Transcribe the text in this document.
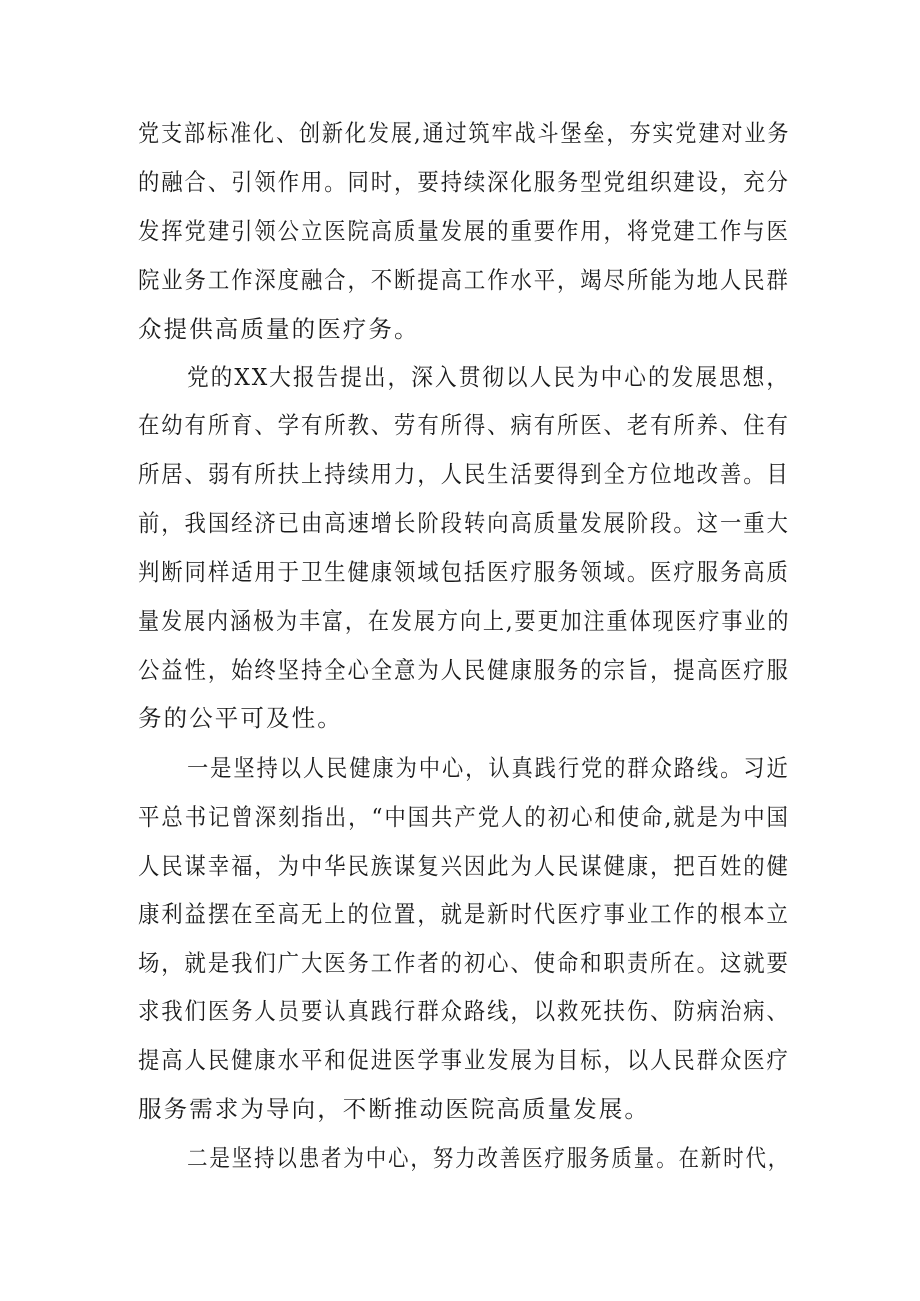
党支部标准化、创新化发展,通过筑牢战斗堡垒，夯实党建对业务
的融合、引领作用。同时，要持续深化服务型党组织建设，充分
发挥党建引领公立医院高质量发展的重要作用，将党建工作与医
院业务工作深度融合，不断提高工作水平，竭尽所能为地人民群
众提供高质量的医疗务。
党的XX大报告提出，深入贯彻以人民为中心的发展思想，
在幼有所育、学有所教、劳有所得、病有所医、老有所养、住有
所居、弱有所扶上持续用力，人民生活要得到全方位地改善。目
前，我国经济已由高速增长阶段转向高质量发展阶段。这一重大
判断同样适用于卫生健康领域包括医疗服务领域。医疗服务高质
量发展内涵极为丰富，在发展方向上,要更加注重体现医疗事业的
公益性，始终坚持全心全意为人民健康服务的宗旨，提高医疗服
务的公平可及性。
一是坚持以人民健康为中心，认真践行党的群众路线。习近
平总书记曾深刻指出，“中国共产党人的初心和使命,就是为中国
人民谋幸福，为中华民族谋复兴因此为人民谋健康，把百姓的健
康利益摆在至高无上的位置，就是新时代医疗事业工作的根本立
场，就是我们广大医务工作者的初心、使命和职责所在。这就要
求我们医务人员要认真践行群众路线，以救死扶伤、防病治病、
提高人民健康水平和促进医学事业发展为目标，以人民群众医疗
服务需求为导向，不断推动医院高质量发展。
二是坚持以患者为中心，努力改善医疗服务质量。在新时代，
